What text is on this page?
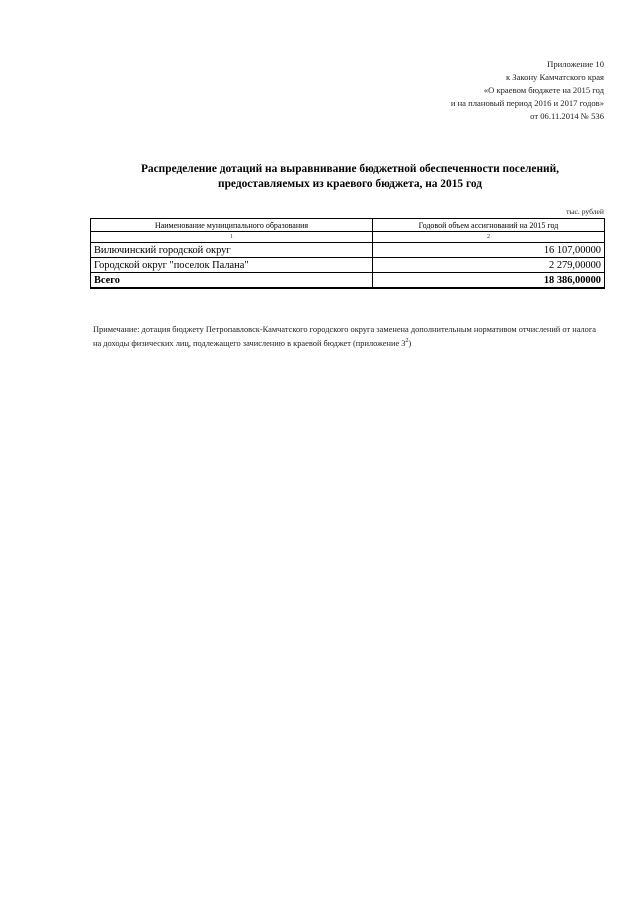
Приложение 10
к Закону Камчатского края
«О краевом бюджете на 2015 год
и на плановый период 2016 и 2017 годов»
от 06.11.2014 № 536
Распределение дотаций на выравнивание бюджетной обеспеченности поселений,
предоставляемых из краевого бюджета, на 2015 год
тыс. рублей
Наименование муниципального образования	Годовой объем ассигнований на 2015 год
1	2
Вилючинский городской округ	16 107,00000
Городской округ "поселок Палана"	2 279,00000
Всего	18 386,00000
Примечание: дотация бюджету Петропавловск-Камчатского городского округа заменена дополнительным нормативом отчислений от налога на доходы физических лиц, подлежащего зачислению в краевой бюджет (приложение $3^2$)
